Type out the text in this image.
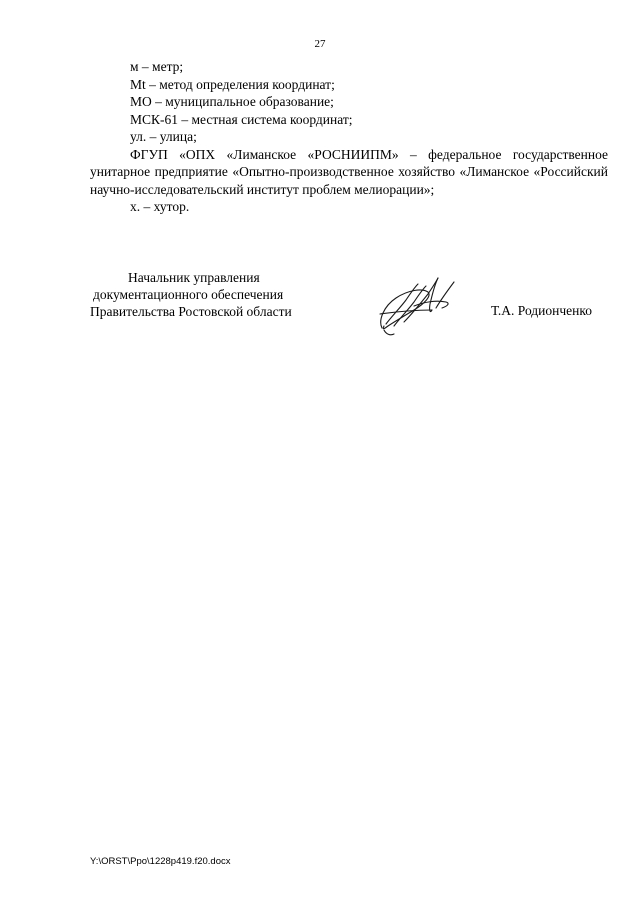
27
м – метр;
Mt – метод определения координат;
МО – муниципальное образование;
МСК-61 – местная система координат;
ул. – улица;
ФГУП «ОПХ «Лиманское «РОСНИИПМ» – федеральное государственное унитарное предприятие «Опытно-производственное хозяйство «Лиманское «Российский научно-исследовательский институт проблем мелиорации»;
х. – хутор.
Начальник управления
документационного обеспечения
Правительства Ростовской области	Т.А. Родионченко
Y:\ORST\Ppo\1228p419.f20.docx
